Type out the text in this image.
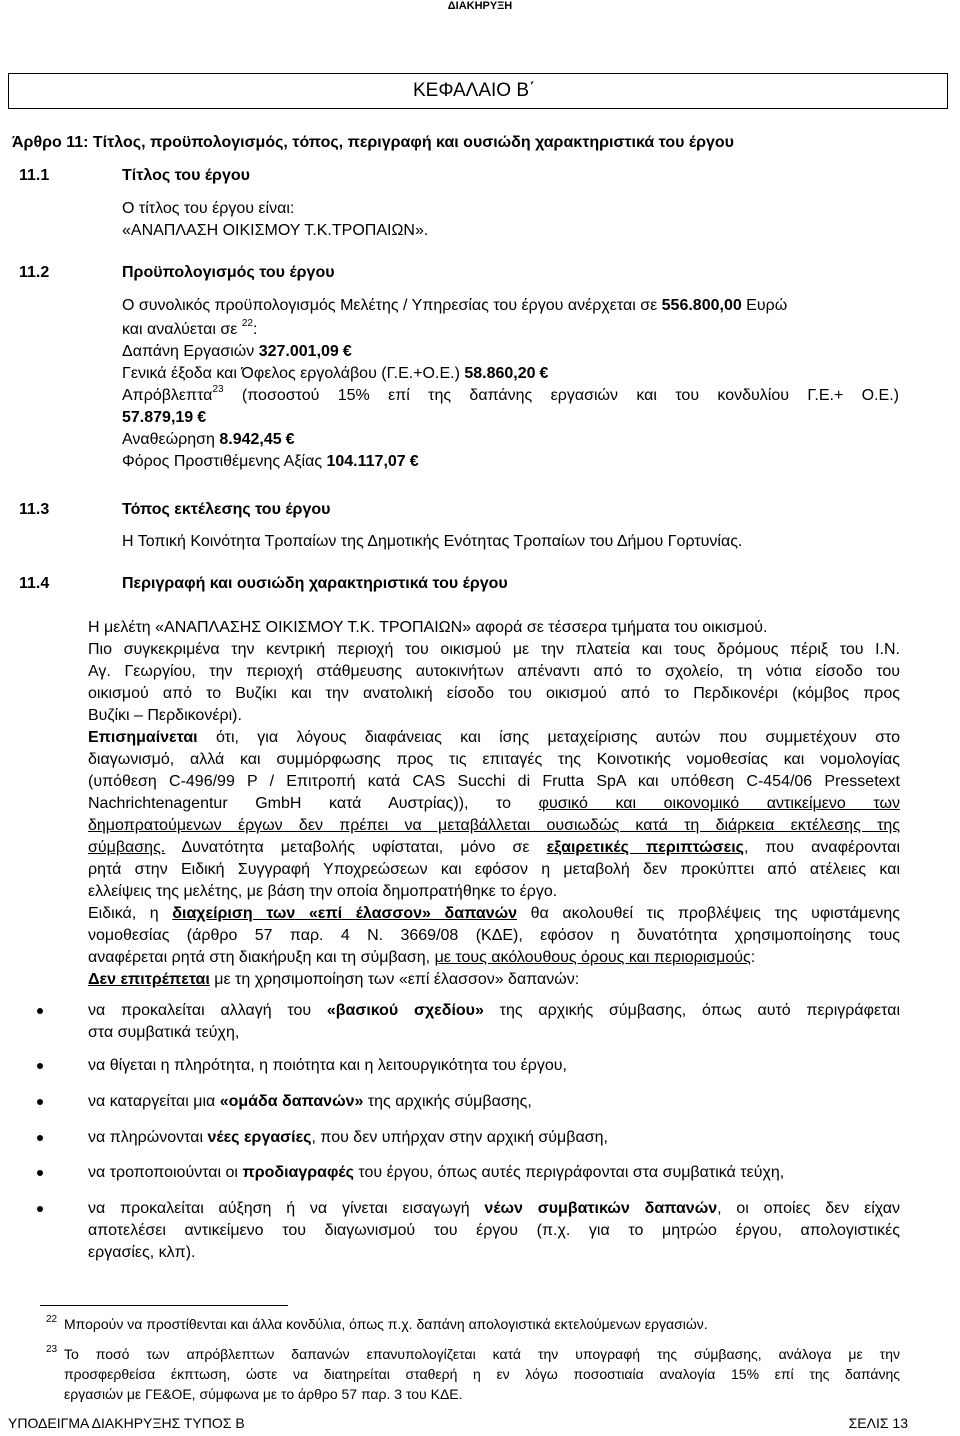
ΔΙΑΚΗΡΥΞΗ
ΚΕΦΑΛΑΙΟ Β΄
Άρθρο 11: Τίτλος, προϋπολογισμός, τόπος, περιγραφή και ουσιώδη χαρακτηριστικά του έργου
11.1	Τίτλος του έργου
Ο τίτλος του έργου είναι:
«ΑΝΑΠΛΑΣΗ ΟΙΚΙΣΜΟΥ Τ.Κ.ΤΡΟΠΑΙΩΝ».
11.2	Προϋπολογισμός του έργου
Ο συνολικός προϋπολογισμός Μελέτης / Υπηρεσίας του έργου ανέρχεται σε 556.800,00 Ευρώ
και αναλύεται σε $^{22}$:
Δαπάνη Εργασιών 327.001,09 €
Γενικά έξοδα και Όφελος εργολάβου (Γ.Ε.+Ο.Ε.) 58.860,20 €
Απρόβλεπτα$^{23}$ (ποσοστού 15% επί της δαπάνης εργασιών και του κονδυλίου Γ.Ε.+ Ο.Ε.)
57.879,19 €
Αναθεώρηση 8.942,45 €
Φόρος Προστιθέμενης Αξίας 104.117,07 €
11.3	Τόπος εκτέλεσης του έργου
Η Τοπική Κοινότητα Τροπαίων της Δημοτικής Ενότητας Τροπαίων του Δήμου Γορτυνίας.
11.4	Περιγραφή και ουσιώδη χαρακτηριστικά του έργου
Η μελέτη «ΑΝΑΠΛΑΣΗΣ ΟΙΚΙΣΜΟΥ Τ.Κ. ΤΡΟΠΑΙΩΝ» αφορά σε τέσσερα τμήματα του οικισμού.
Πιο συγκεκριμένα την κεντρική περιοχή του οικισμού με την πλατεία και τους δρόμους πέριξ του Ι.Ν.
Αγ. Γεωργίου, την περιοχή στάθμευσης αυτοκινήτων απέναντι από το σχολείο, τη νότια είσοδο του
οικισμού από το Βυζίκι και την ανατολική είσοδο του οικισμού από το Περδικονέρι (κόμβος προς
Βυζίκι – Περδικονέρι).
Επισημαίνεται ότι, για λόγους διαφάνειας και ίσης μεταχείρισης αυτών που συμμετέχουν στο
διαγωνισμό, αλλά και συμμόρφωσης προς τις επιταγές της Κοινοτικής νομοθεσίας και νομολογίας
(υπόθεση C-496/99 P / Επιτροπή κατά CAS Succhi di Frutta SpA και υπόθεση C-454/06 Pressetext
Nachrichtenagentur GmbH κατά Αυστρίας)), το φυσικό και οικονομικό αντικείμενο των
δημοπρατούμενων έργων δεν πρέπει να μεταβάλλεται ουσιωδώς κατά τη διάρκεια εκτέλεσης της
σύμβασης. Δυνατότητα μεταβολής υφίσταται, μόνο σε εξαιρετικές περιπτώσεις, που αναφέρονται
ρητά στην Ειδική Συγγραφή Υποχρεώσεων και εφόσον η μεταβολή δεν προκύπτει από ατέλειες και
ελλείψεις της μελέτης, με βάση την οποία δημοπρατήθηκε το έργο.
Ειδικά, η διαχείριση των «επί έλασσον» δαπανών θα ακολουθεί τις προβλέψεις της υφιστάμενης
νομοθεσίας (άρθρο 57 παρ. 4 Ν. 3669/08 (ΚΔΕ), εφόσον η δυνατότητα χρησιμοποίησης τους
αναφέρεται ρητά στη διακήρυξη και τη σύμβαση, με τους ακόλουθους όρους και περιορισμούς:
Δεν επιτρέπεται με τη χρησιμοποίηση των «επί έλασσον» δαπανών:
να προκαλείται αλλαγή του «βασικού σχεδίου» της αρχικής σύμβασης, όπως αυτό περιγράφεται
στα συμβατικά τεύχη,
να θίγεται η πληρότητα, η ποιότητα και η λειτουργικότητα του έργου,
να καταργείται μια «ομάδα δαπανών» της αρχικής σύμβασης,
να πληρώνονται νέες εργασίες, που δεν υπήρχαν στην αρχική σύμβαση,
να τροποποιούνται οι προδιαγραφές του έργου, όπως αυτές περιγράφονται στα συμβατικά τεύχη,
να προκαλείται αύξηση ή να γίνεται εισαγωγή νέων συμβατικών δαπανών, οι οποίες δεν είχαν
αποτελέσει αντικείμενο του διαγωνισμού του έργου (π.χ. για το μητρώο έργου, απολογιστικές
εργασίες, κλπ).
22 Μπορούν να προστίθενται και άλλα κονδύλια, όπως π.χ. δαπάνη απολογιστικά εκτελούμενων εργασιών.
23 Το ποσό των απρόβλεπτων δαπανών επανυπολογίζεται κατά την υπογραφή της σύμβασης, ανάλογα με την
προσφερθείσα έκπτωση, ώστε να διατηρείται σταθερή η εν λόγω ποσοστιαία αναλογία 15% επί της δαπάνης
εργασιών με ΓΕ&ΟΕ, σύμφωνα με το άρθρο 57 παρ. 3 του ΚΔΕ.
ΥΠΟΔΕΙΓΜΑ ΔΙΑΚΗΡΥΞΗΣ ΤΥΠΟΣ Β	ΣΕΛΙΣ 13
